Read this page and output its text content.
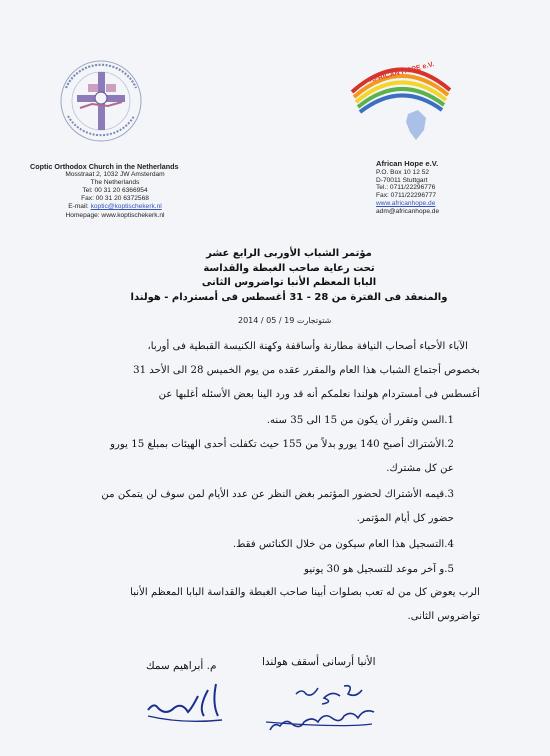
Coptic Orthodox Church in the Netherlands
Mosstraat 2, 1032 JW Amsterdam
The Netherlands
Tel: 00 31 20 6366954
Fax: 00 31 20 6372568
E-mail: koptic@koptischekerk.nl
Homepage: www.koptischekerk.nl
AFRICAN HOPE e.V.
African Hope e.V.
P.O. Box 10 12 52
D-70011 Stuttgart
Tel.: 0711/22296776
Fax: 0711/22296777
www.africanhope.de
adm@africanhope.de
مؤتمر الشباب الأوربى الرابع عشر
تحت رعاية صاحب الغبطة والقداسة
البابا المعظم الأنبا تواضروس الثانى
والمنعقد فى الفترة من 28 - 31 أغسطس فى أمستردام - هولندا
شتوتجارت 19 / 05 / 2014
الآباء الأحباء أصحاب النيافة مطارنة وأساقفة وكهنة الكنيسة القبطية فى أوربا،
بخصوص أجتماع الشباب هذا العام والمقرر عقده من يوم الخميس 28 الى الأحد 31
أغسطس فى أمستردام هولندا نعلمكم أنه قد ورد الينا بعض الأسئله أغلبها عن
1.السن وتقرر أن يكون من 15 الى 35 سنه.
2.الأشتراك أصبح 140 يورو بدلاً من 155 حيث تكفلت أحدى الهيئات بمبلغ 15 يورو
عن كل مشترك.
3.قيمه الأشتراك لحضور المؤتمر بغض النظر عن عدد الأيام لمن سوف لن يتمكن من
حضور كل أيام المؤتمر.
4.التسجيل هذا العام سيكون من خلال الكنائس فقط.
5.و آخر موعد للتسجيل هو 30 يونيو
الرب يعوض كل من له تعب بصلوات أبينا صاحب الغبطة والقداسة البابا المعظم الأنبا
تواضروس الثانى.
الأنبا أرسانى أسقف هولندا
م. أبراهيم سمك
